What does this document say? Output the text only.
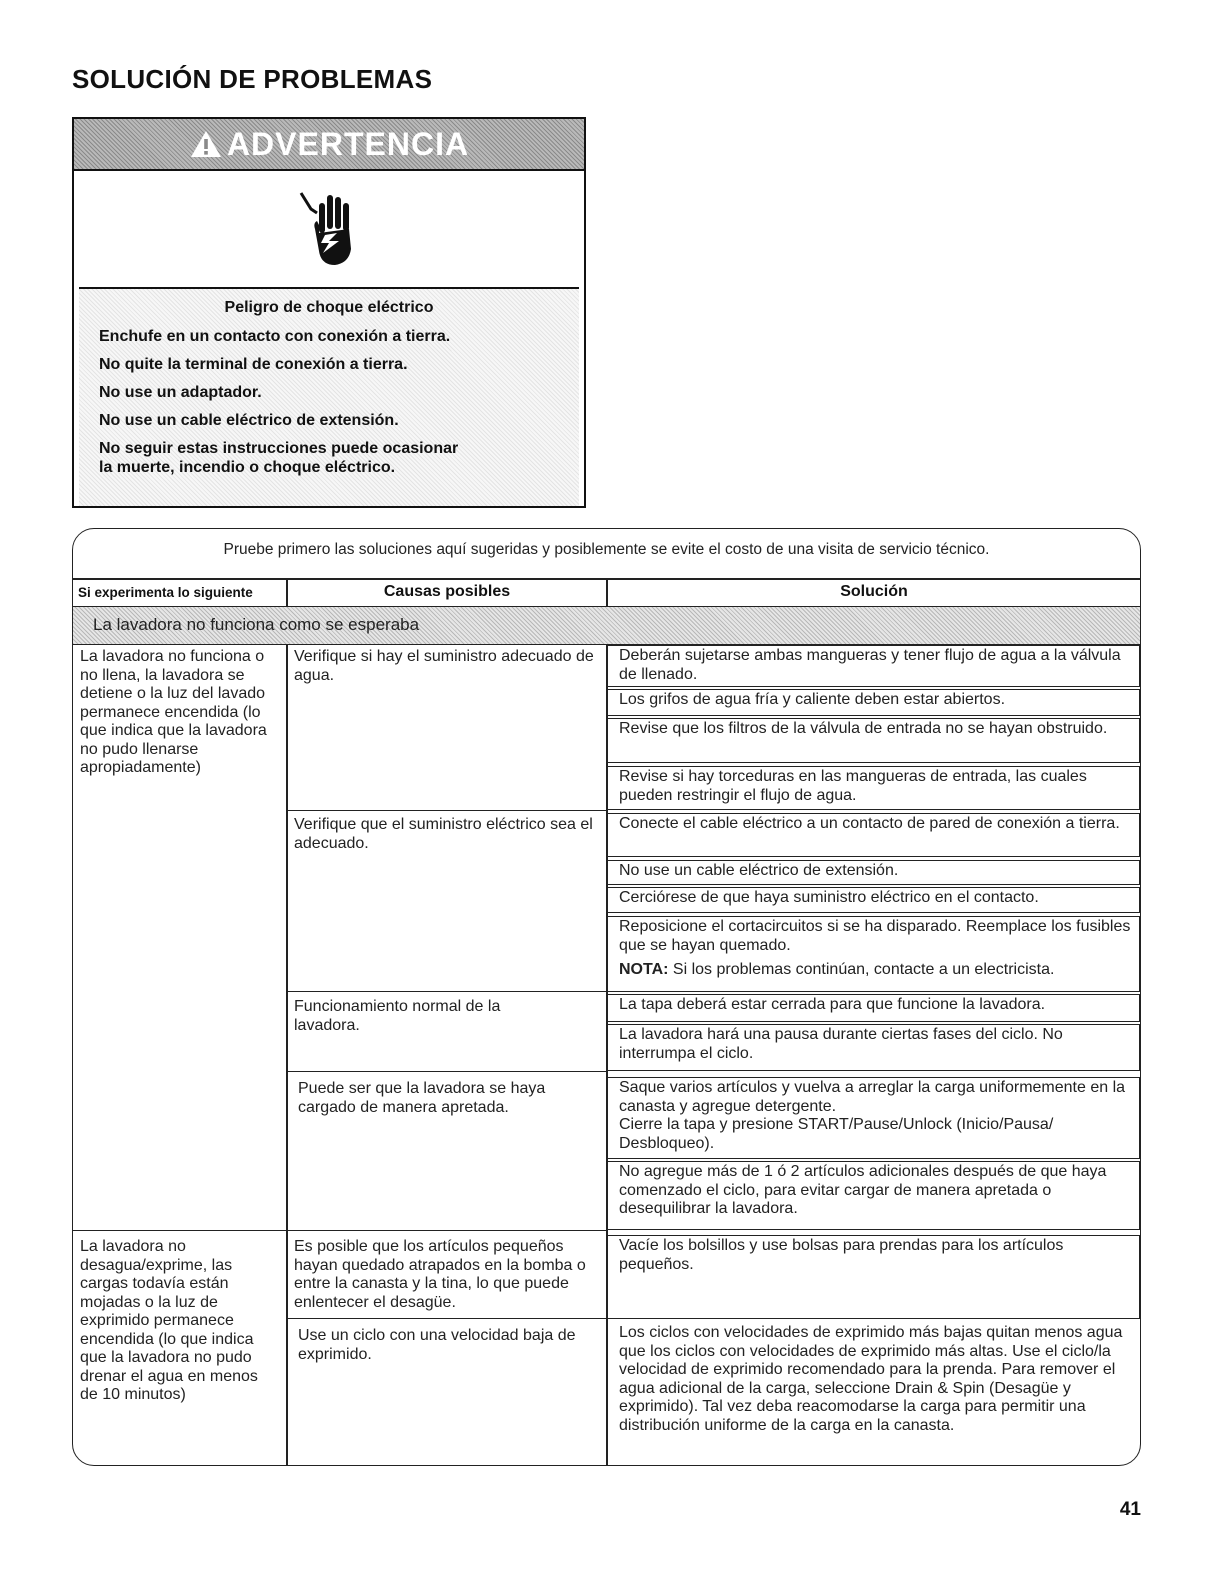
SOLUCIÓN DE PROBLEMAS
ADVERTENCIA
Peligro de choque eléctrico
Enchufe en un contacto con conexión a tierra.
No quite la terminal de conexión a tierra.
No use un adaptador.
No use un cable eléctrico de extensión.
No seguir estas instrucciones puede ocasionar
la muerte, incendio o choque eléctrico.
Pruebe primero las soluciones aquí sugeridas y posiblemente se evite el costo de una visita de servicio técnico.
Si experimenta lo siguiente	Causas posibles	Solución
La lavadora no funciona como se esperaba
La lavadora no funciona o no llena, la lavadora se detiene o la luz del lavado permanece encendida (lo que indica que la lavadora no pudo llenarse apropiadamente)
La lavadora no desagua/exprime, las cargas todavía están mojadas o la luz de exprimido permanece encendida (lo que indica que la lavadora no pudo drenar el agua en menos de 10 minutos)
Verifique si hay el suministro adecuado de agua.
Verifique que el suministro eléctrico sea el adecuado.
Funcionamiento normal de la lavadora.
Puede ser que la lavadora se haya cargado de manera apretada.
Es posible que los artículos pequeños hayan quedado atrapados en la bomba o entre la canasta y la tina, lo que puede enlentecer el desagüe.
Use un ciclo con una velocidad baja de exprimido.
Deberán sujetarse ambas mangueras y tener flujo de agua a la válvula de llenado.
Los grifos de agua fría y caliente deben estar abiertos.
Revise que los filtros de la válvula de entrada no se hayan obstruido.
Revise si hay torceduras en las mangueras de entrada, las cuales pueden restringir el flujo de agua.
Conecte el cable eléctrico a un contacto de pared de conexión a tierra.
No use un cable eléctrico de extensión.
Cerciórese de que haya suministro eléctrico en el contacto.
Reposicione el cortacircuitos si se ha disparado. Reemplace los fusibles que se hayan quemado.
NOTA: Si los problemas continúan, contacte a un electricista.
La tapa deberá estar cerrada para que funcione la lavadora.
La lavadora hará una pausa durante ciertas fases del ciclo. No interrumpa el ciclo.
Saque varios artículos y vuelva a arreglar la carga uniformemente en la canasta y agregue detergente.
Cierre la tapa y presione START/Pause/Unlock (Inicio/Pausa/ Desbloqueo).
No agregue más de 1 ó 2 artículos adicionales después de que haya comenzado el ciclo, para evitar cargar de manera apretada o desequilibrar la lavadora.
Vacíe los bolsillos y use bolsas para prendas para los artículos pequeños.
Los ciclos con velocidades de exprimido más bajas quitan menos agua que los ciclos con velocidades de exprimido más altas. Use el ciclo/la velocidad de exprimido recomendado para la prenda. Para remover el agua adicional de la carga, seleccione Drain & Spin (Desagüe y exprimido). Tal vez deba reacomodarse la carga para permitir una distribución uniforme de la carga en la canasta.
41
